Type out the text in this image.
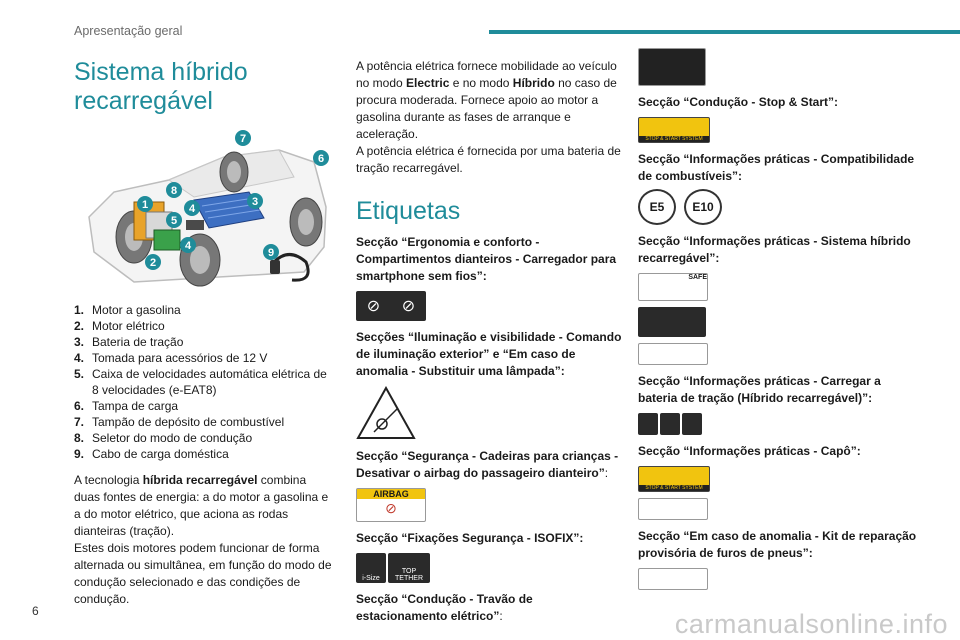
Apresentação geral
Sistema híbrido recarregável
1
2
3
4
4
5
6
7
8
9
1. Motor a gasolina
2. Motor elétrico
3. Bateria de tração
4. Tomada para acessórios de 12 V
5. Caixa de velocidades automática elétrica de 8 velocidades (e-EAT8)
6. Tampa de carga
7. Tampão de depósito de combustível
8. Seletor do modo de condução
9. Cabo de carga doméstica

A tecnologia híbrida recarregável combina duas fontes de energia: a do motor a gasolina e a do motor elétrico, que aciona as rodas dianteiras (tração).

Estes dois motores podem funcionar de forma alternada ou simultânea, em função do modo de condução selecionado e das condições de condução.

A potência elétrica fornece mobilidade ao veículo no modo Electric e no modo Híbrido no caso de procura moderada. Fornece apoio ao motor a gasolina durante as fases de arranque e aceleração.

A potência elétrica é fornecida por uma bateria de tração recarregável.

Etiquetas
Secção “Ergonomia e conforto - Compartimentos dianteiros - Carregador para smartphone sem fios”:
⊘ ⊘
Secções “Iluminação e visibilidade - Comando de iluminação exterior” e “Em caso de anomalia - Substituir uma lâmpada”:
Secção “Segurança - Cadeiras para crianças - Desativar o airbag do passageiro dianteiro”:
AIRBAG
⊘
Secção “Fixações Segurança - ISOFIX”:
i-Size
TOP TETHER
Secção “Condução - Travão de estacionamento elétrico”:
Secção “Condução - Stop & Start”:
STOP & START SYSTEM
Secção “Informações práticas - Compatibilidade de combustíveis”:
E5	E10
Secção “Informações práticas - Sistema híbrido recarregável”:
SAFE
Secção “Informações práticas - Carregar a bateria de tração (Híbrido recarregável)”:
Secção “Informações práticas - Capô”:
STOP & START SYSTEM
Secção “Em caso de anomalia - Kit de reparação provisória de furos de pneus”:
6	carmanualsonline.info
